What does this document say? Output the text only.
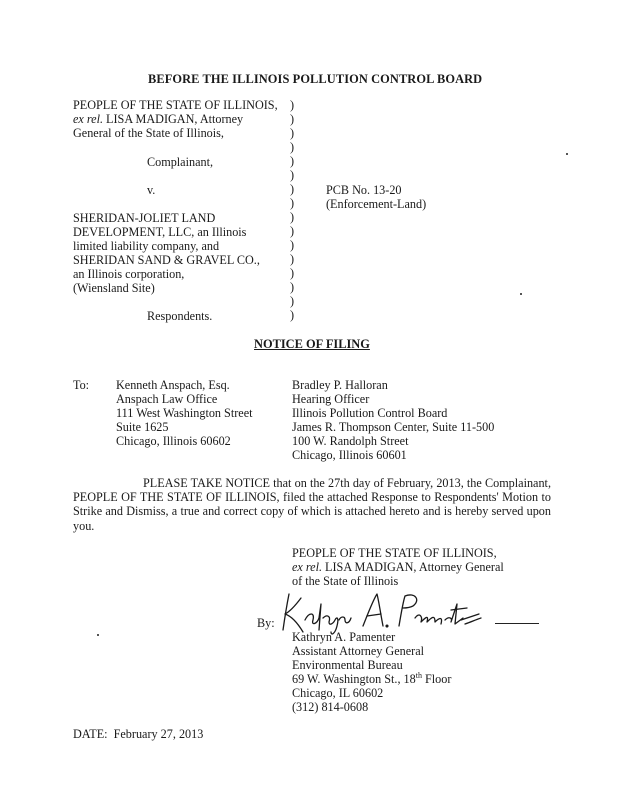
BEFORE THE ILLINOIS POLLUTION CONTROL BOARD
PEOPLE OF THE STATE OF ILLINOIS,
ex rel. LISA MADIGAN, Attorney
General of the State of Illinois,
Complainant,
v.
SHERIDAN-JOLIET LAND
DEVELOPMENT, LLC, an Illinois
limited liability company, and
SHERIDAN SAND & GRAVEL CO.,
an Illinois corporation,
(Wiensland Site)
Respondents.
)
)
)
)
)
)
)
)
)
)
)
)
)
)
)
)
PCB No. 13-20
(Enforcement-Land)
NOTICE OF FILING
To: Kenneth Anspach, Esq.
Anspach Law Office
111 West Washington Street
Suite 1625
Chicago, Illinois 60602
Bradley P. Halloran
Hearing Officer
Illinois Pollution Control Board
James R. Thompson Center, Suite 11-500
100 W. Randolph Street
Chicago, Illinois 60601
PLEASE TAKE NOTICE that on the 27th day of February, 2013, the Complainant, PEOPLE OF THE STATE OF ILLINOIS, filed the attached Response to Respondents' Motion to Strike and Dismiss, a true and correct copy of which is attached hereto and is hereby served upon you.
PEOPLE OF THE STATE OF ILLINOIS,
ex rel. LISA MADIGAN, Attorney General
of the State of Illinois
By:
Kathryn A. Pamenter
Assistant Attorney General
Environmental Bureau
69 W. Washington St., 18th Floor
Chicago, IL 60602
(312) 814-0608
DATE:  February 27, 2013
